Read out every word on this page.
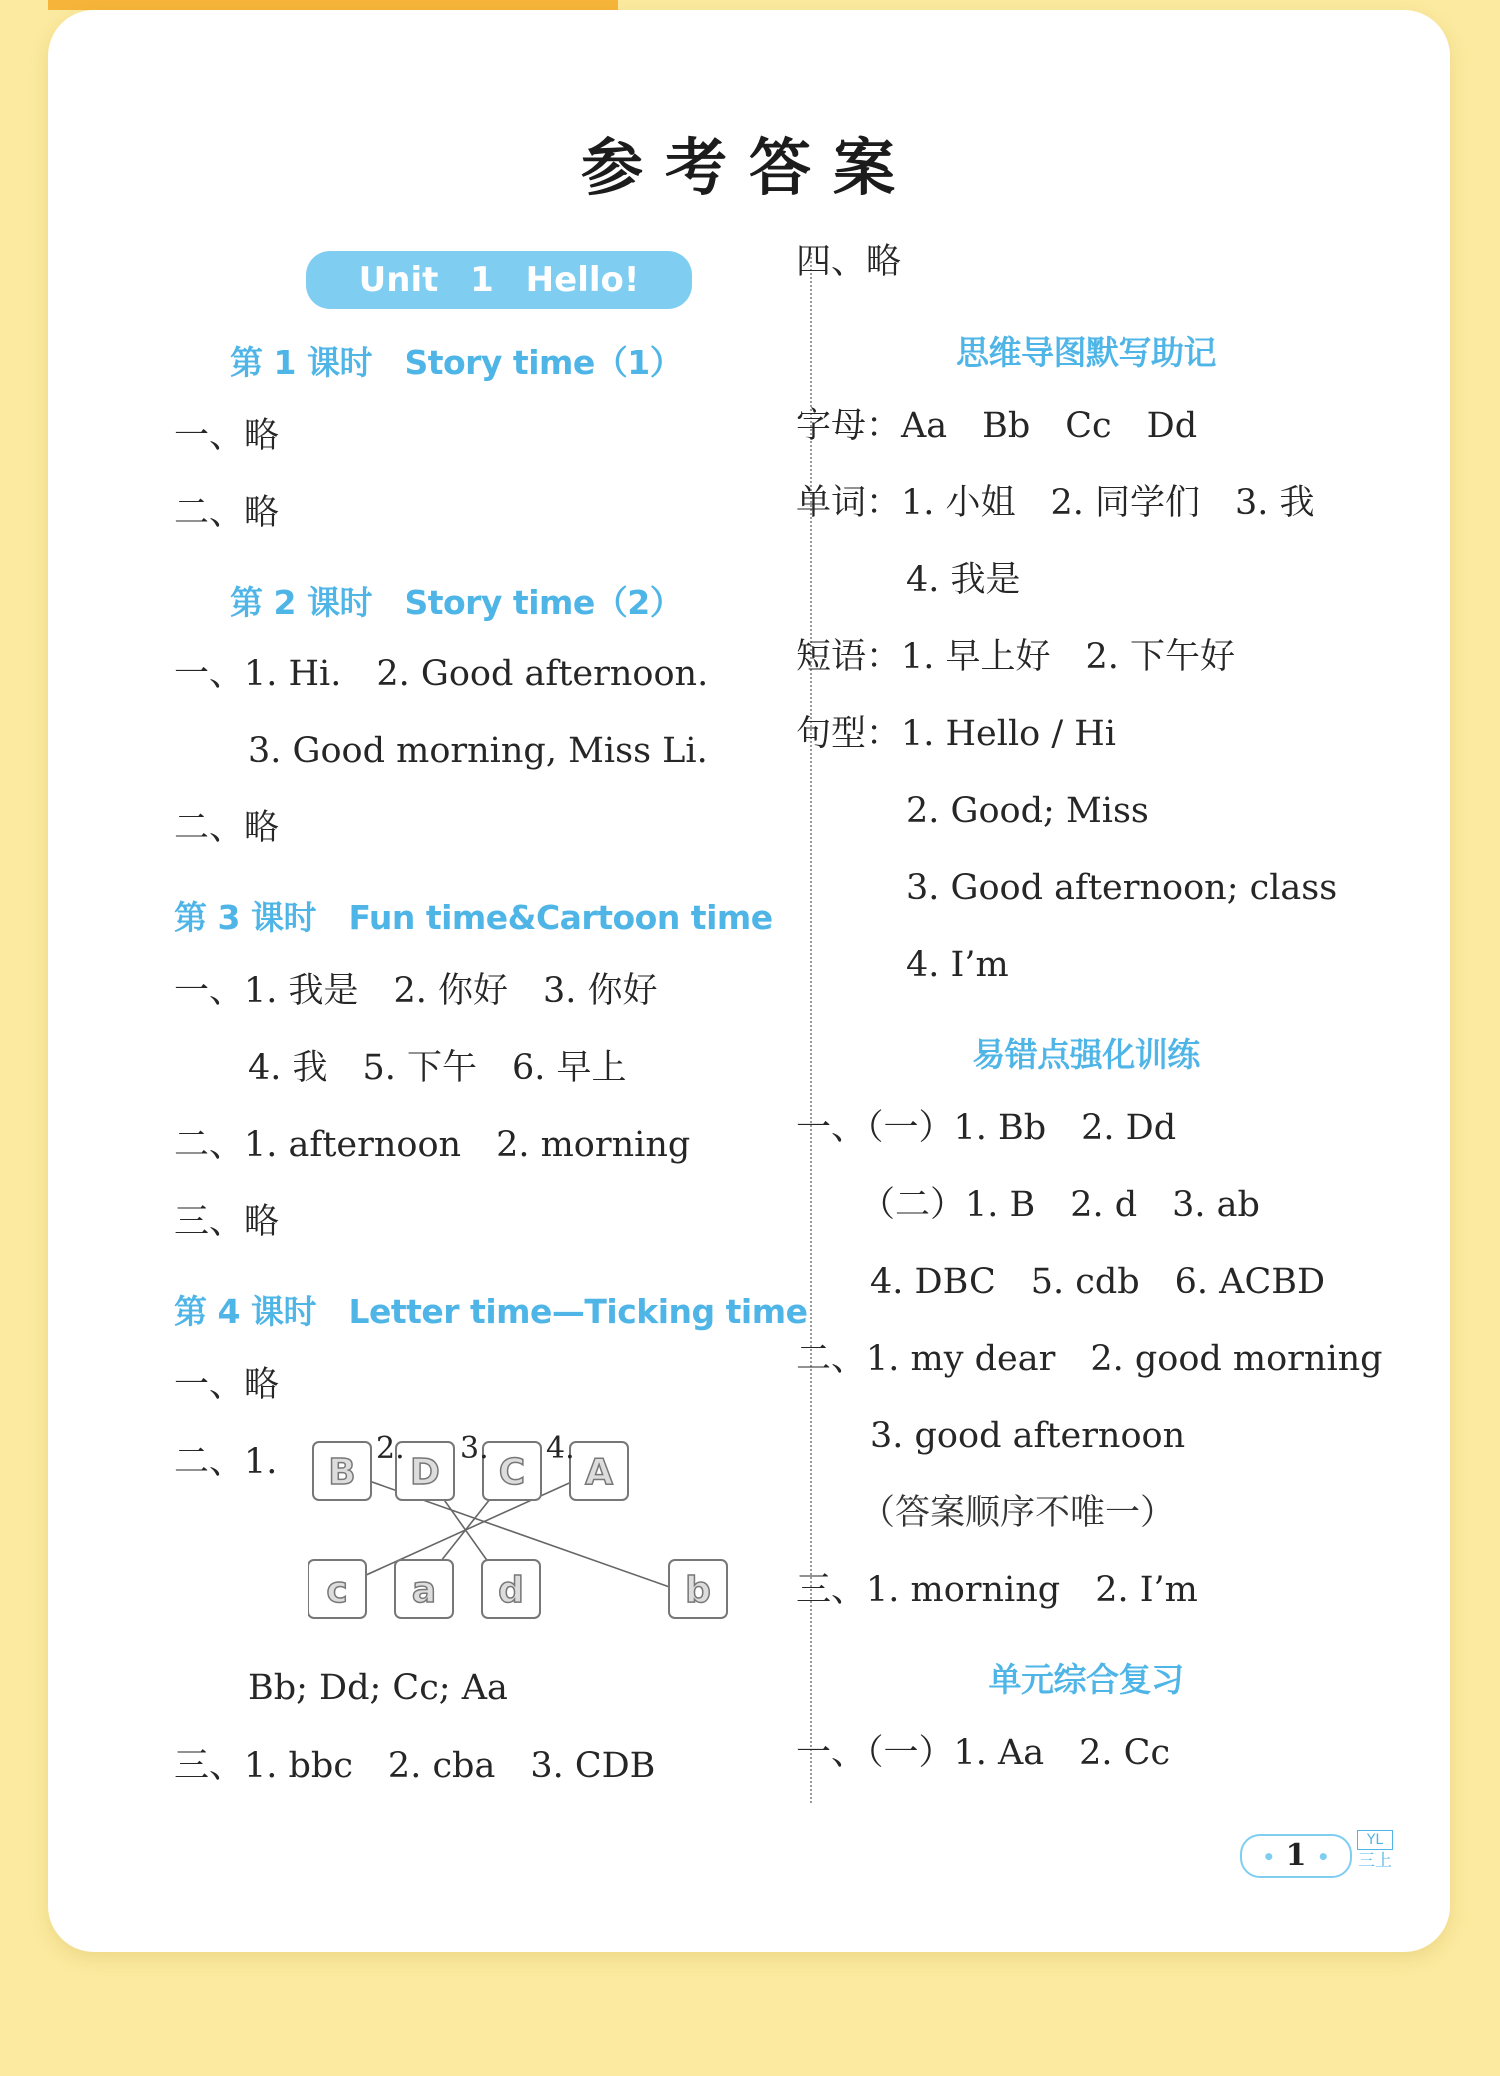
参考答案
Unit 1 Hello!
第 1 课时　Story time（1）
一、略
二、略
第 2 课时　Story time（2）
一、1. Hi.　2. Good afternoon.
3. Good morning, Miss Li.
二、略
第 3 课时　Fun time&Cartoon time
一、1. 我是　2. 你好　3. 你好
4. 我　5. 下午　6. 早上
二、1. afternoon　2. morning
三、略
第 4 课时　Letter time—Ticking time
一、略
二、1. B D C A
c a d	b
2. 3. 4.
Bb; Dd; Cc; Aa
三、1. bbc　2. cba　3. CDB
四、略
思维导图默写助记
字母：Aa　Bb　Cc　Dd
单词：1. 小姐　2. 同学们　3. 我
4. 我是
短语：1. 早上好　2. 下午好
句型：1. Hello / Hi
2. Good; Miss
3. Good afternoon; class
4. I’m
易错点强化训练
一、（一）1. Bb　2. Dd
（二）1. B　2. d　3. ab
4. DBC　5. cdb　6. ACBD
二、1. my dear　2. good morning
3. good afternoon
（答案顺序不唯一）
三、1. morning　2. I’m
单元综合复习
一、（一）1. Aa　2. Cc
• 1 •
YL
三上
